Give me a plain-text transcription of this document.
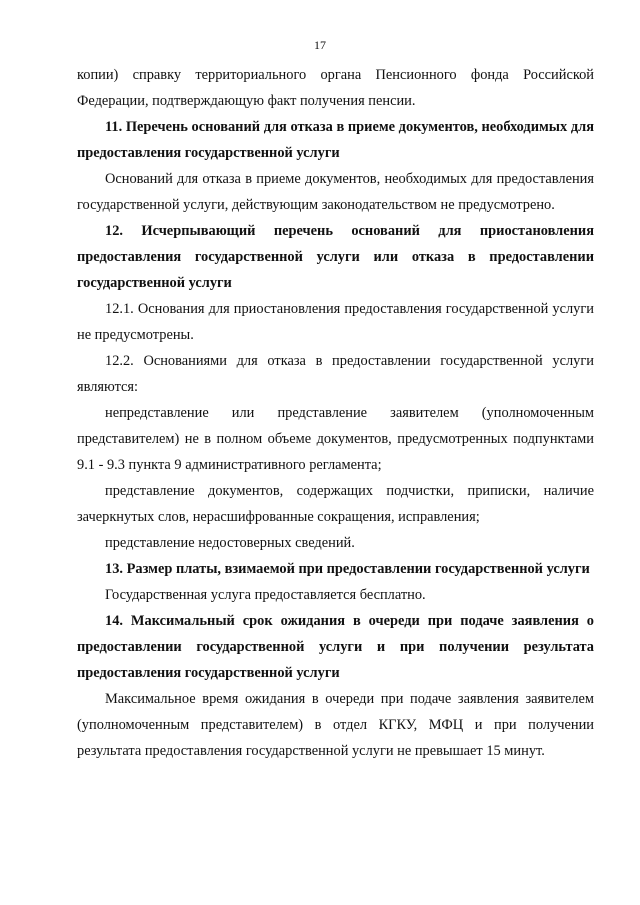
17

копии) справку территориального органа Пенсионного фонда Российской Федерации, подтверждающую факт получения пенсии.

11. Перечень оснований для отказа в приеме документов, необходимых для предоставления государственной услуги

Оснований для отказа в приеме документов, необходимых для предоставления государственной услуги, действующим законодательством не предусмотрено.

12. Исчерпывающий перечень оснований для приостановления предоставления государственной услуги или отказа в предоставлении государственной услуги

12.1. Основания для приостановления предоставления государственной услуги не предусмотрены.

12.2. Основаниями для отказа в предоставлении государственной услуги являются:

непредставление или представление заявителем (уполномоченным представителем) не в полном объеме документов, предусмотренных подпунктами 9.1 - 9.3 пункта 9 административного регламента;

представление документов, содержащих подчистки, приписки, наличие зачеркнутых слов, нерасшифрованные сокращения, исправления;

представление недостоверных сведений.

13. Размер платы, взимаемой при предоставлении государственной услуги

Государственная услуга предоставляется бесплатно.

14. Максимальный срок ожидания в очереди при подаче заявления о предоставлении государственной услуги и при получении результата предоставления государственной услуги

Максимальное время ожидания в очереди при подаче заявления заявителем (уполномоченным представителем) в отдел КГКУ, МФЦ и при получении результата предоставления государственной услуги не превышает 15 минут.
